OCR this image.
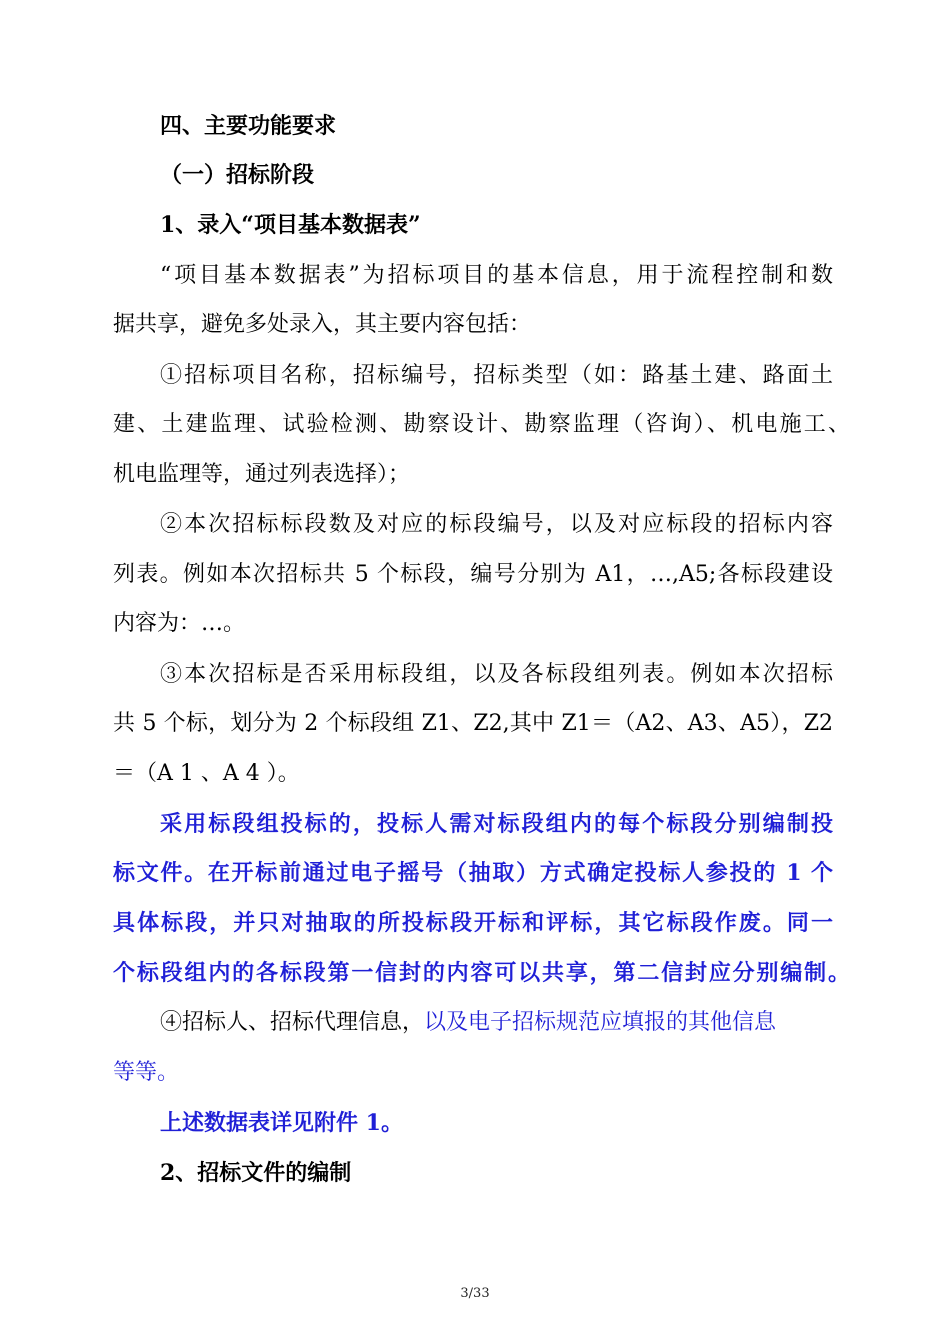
四、主要功能要求
（一）招标阶段
1、录入“项目基本数据表”
“项目基本数据表”为招标项目的基本信息，用于流程控制和数
据共享，避免多处录入，其主要内容包括：
①招标项目名称，招标编号，招标类型（如：路基土建、路面土
建、土建监理、试验检测、勘察设计、勘察监理（咨询）、机电施工、
机电监理等，通过列表选择）；
②本次招标标段数及对应的标段编号，以及对应标段的招标内容
列表。例如本次招标共 5 个标段，编号分别为 A1，…,A5;各标段建设
内容为：…。
③本次招标是否采用标段组，以及各标段组列表。例如本次招标
共 5 个标，划分为 2 个标段组 Z1、Z2,其中 Z1＝（A2、A3、A5），Z2
＝（A 1 、A 4 ）。
采用标段组投标的，投标人需对标段组内的每个标段分别编制投
标文件。在开标前通过电子摇号（抽取）方式确定投标人参投的 1 个
具体标段，并只对抽取的所投标段开标和评标，其它标段作废。同一
个标段组内的各标段第一信封的内容可以共享，第二信封应分别编制。
④招标人、招标代理信息，以及电子招标规范应填报的其他信息
等等。
上述数据表详见附件 1。
2、招标文件的编制
3/33
